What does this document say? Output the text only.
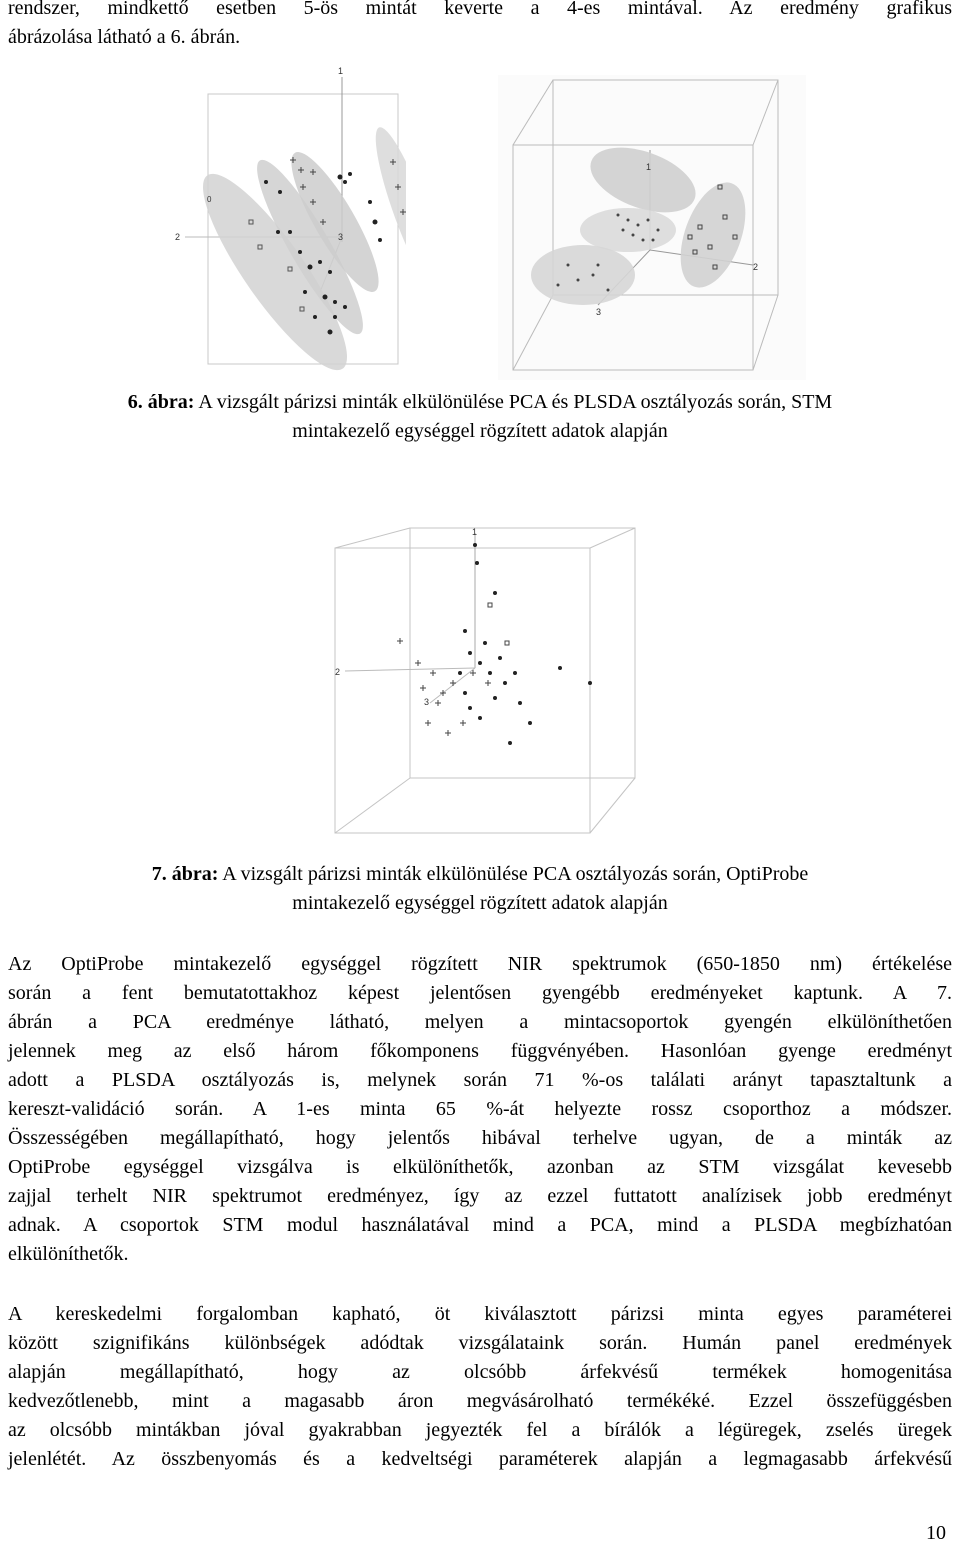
rendszer, mindkettő esetben 5-ös mintát keverte a 4-es mintával. Az eredmény grafikus
ábrázolása látható a 6. ábrán.
1
2	3
0
1
2
3
6. ábra: A vizsgált párizsi minták elkülönülése PCA és PLSDA osztályozás során, STM
mintakezelő egységgel rögzített adatok alapján
1
2
3
7. ábra: A vizsgált párizsi minták elkülönülése PCA osztályozás során, OptiProbe
mintakezelő egységgel rögzített adatok alapján
Az OptiProbe mintakezelő egységgel rögzített NIR spektrumok (650-1850 nm) értékelése
során a fent bemutatottakhoz képest jelentősen gyengébb eredményeket kaptunk. A 7.
ábrán a PCA eredménye látható, melyen a mintacsoportok gyengén elkülöníthetően
jelennek meg az első három főkomponens függvényében. Hasonlóan gyenge eredményt
adott a PLSDA osztályozás is, melynek során 71 %-os találati arányt tapasztaltunk a
kereszt-validáció során. A 1-es minta 65 %-át helyezte rossz csoporthoz a módszer.
Összességében megállapítható, hogy jelentős hibával terhelve ugyan, de a minták az
OptiProbe egységgel vizsgálva is elkülöníthetők, azonban az STM vizsgálat kevesebb
zajjal terhelt NIR spektrumot eredményez, így az ezzel futtatott analízisek jobb eredményt
adnak. A csoportok STM modul használatával mind a PCA, mind a PLSDA megbízhatóan
elkülöníthetők.
A kereskedelmi forgalomban kapható, öt kiválasztott párizsi minta egyes paraméterei
között szignifikáns különbségek adódtak vizsgálataink során. Humán panel eredmények
alapján megállapítható, hogy az olcsóbb árfekvésű termékek homogenitása
kedvezőtlenebb, mint a magasabb áron megvásárolható termékéké. Ezzel összefüggésben
az olcsóbb mintákban jóval gyakrabban jegyezték fel a bírálók a légüregek, zselés üregek
jelenlétét. Az összbenyomás és a kedveltségi paraméterek alapján a legmagasabb árfekvésű
10
